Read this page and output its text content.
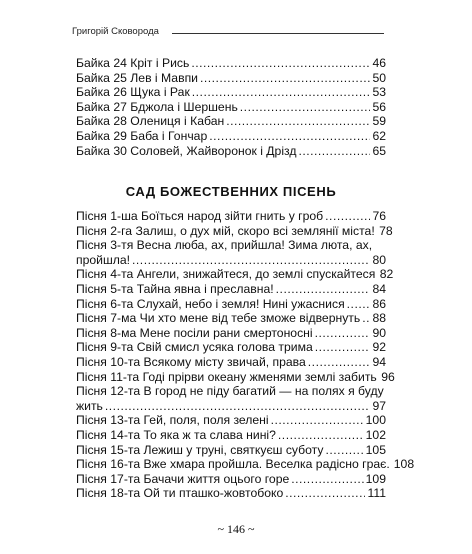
Григорій Сковорода
Байка 24 Кріт і Рись .....	46
Байка 25 Лев і Мавпи .....	50
Байка 26 Щука і Рак .....	53
Байка 27 Бджола і Шершень .....	56
Байка 28 Олениця і Кабан .....	59
Байка 29 Баба і Гончар .....	62
Байка 30 Соловей, Жайворонок і Дрізд .....	65
САД БОЖЕСТВЕННИХ ПІСЕНЬ
Пісня 1-ша Боїться народ зійти гнить у гроб .....	76
Пісня 2-га Залиш, о дух мій, скоро всі землянії міста! 78
Пісня 3-тя Весна люба, ах, прийшла! Зима люта, ах,
пройшла! .....	80
Пісня 4-та Ангели, знижайтеся, до землі спускайтеся 82
Пісня 5-та Тайна явна і преславна! .....	84
Пісня 6-та Слухай, небо і земля! Нині ужаснися ..... 86
Пісня 7-ма Чи хто мене від тебе зможе відвернуть ..... 88
Пісня 8-ма Мене посіли рани смертоносні .....	90
Пісня 9-та Свій смисл усяка голова трима .....	92
Пісня 10-та Всякому місту звичай, права .....	94
Пісня 11-та Годі прірви океану жменями землі забить 96
Пісня 12-та В город не піду багатий — на полях я буду
жить .....	97
Пісня 13-та Гей, поля, поля зелені .....	100
Пісня 14-та То яка ж та слава нині? .....	102
Пісня 15-та Лежиш у труні, святкуєш суботу .....	105
Пісня 16-та Вже хмара пройшла. Веселка радісно грає. 108
Пісня 17-та Бачачи життя оцього горе .....	109
Пісня 18-та Ой ти пташко-жовтобоко .....	111
~ 146 ~
